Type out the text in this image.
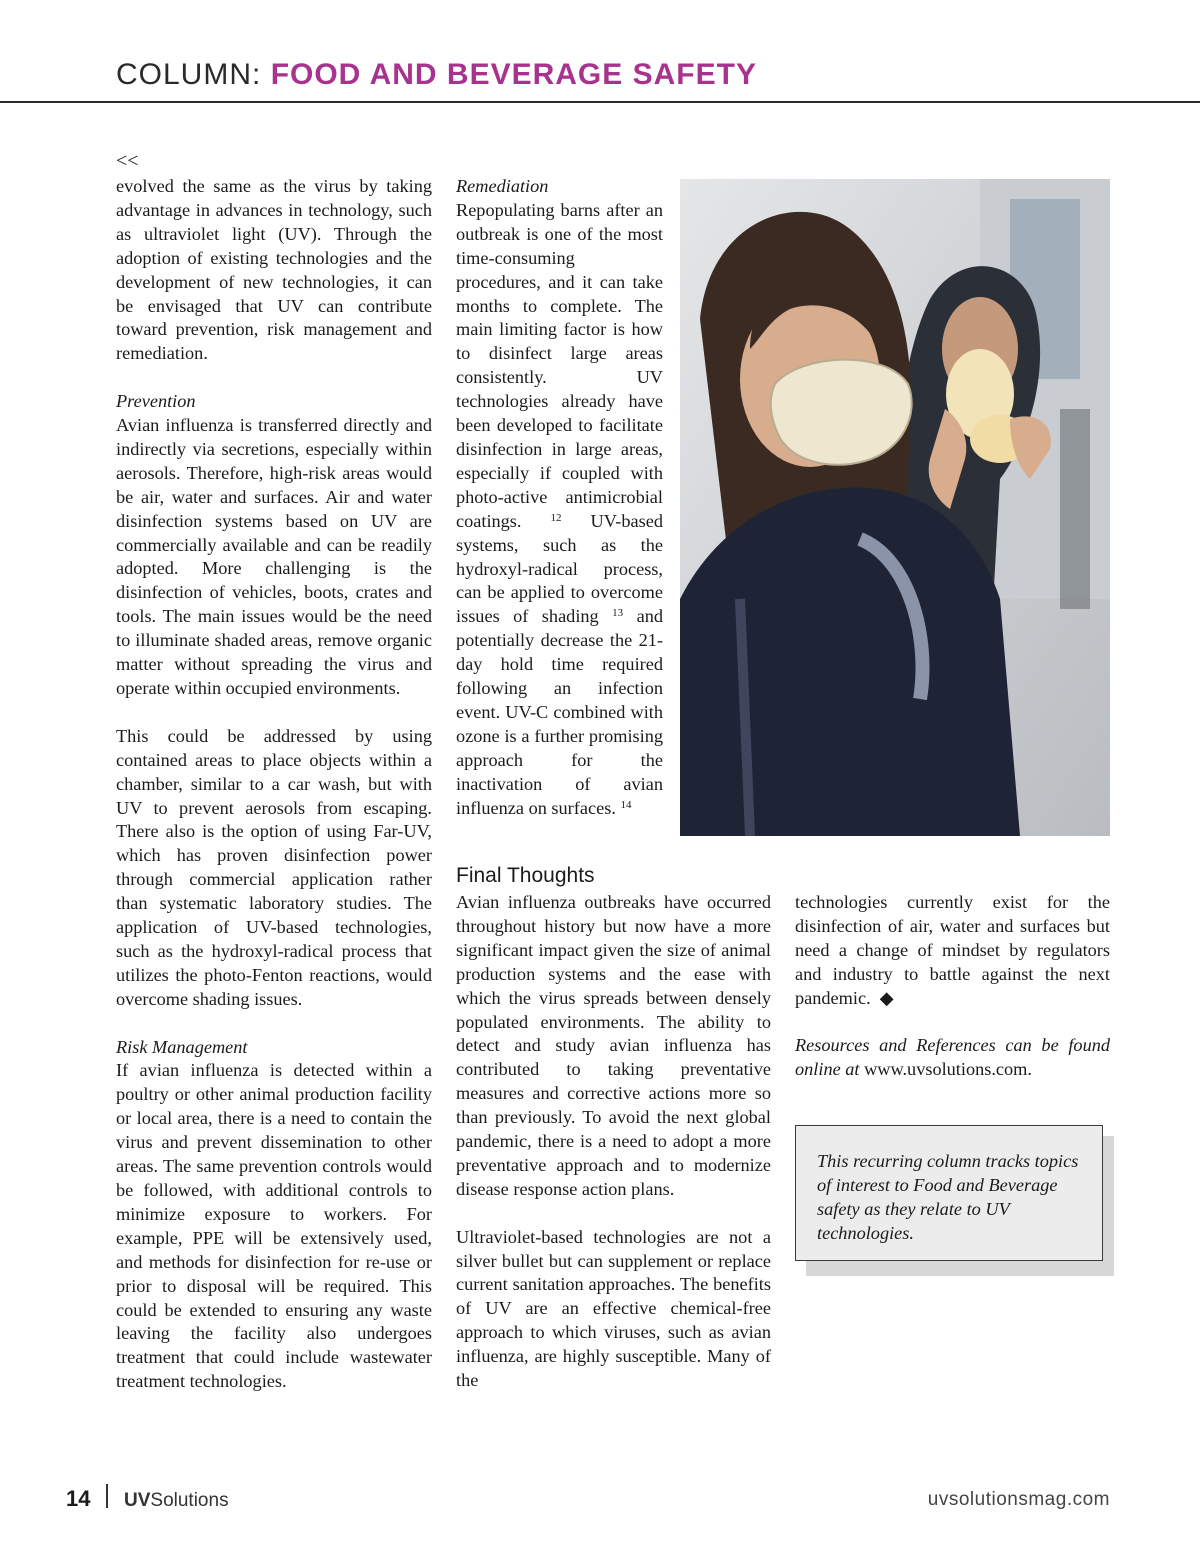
COLUMN: FOOD AND BEVERAGE SAFETY
<<

evolved the same as the virus by taking advantage in advances in technology, such as ultraviolet light (UV). Through the adoption of existing technologies and the development of new technologies, it can be envisaged that UV can contribute toward prevention, risk management and remediation.

Prevention

Avian influenza is transferred directly and indirectly via secretions, especially within aerosols. Therefore, high-risk areas would be air, water and surfaces. Air and water disinfection systems based on UV are commercially available and can be readily adopted. More challenging is the disinfection of vehicles, boots, crates and tools. The main issues would be the need to illuminate shaded areas, remove organic matter without spreading the virus and operate within occupied environments.

This could be addressed by using contained areas to place objects within a chamber, similar to a car wash, but with UV to prevent aerosols from escaping. There also is the option of using Far-UV, which has proven disinfection power through commercial application rather than systematic laboratory studies. The application of UV-based technologies, such as the hydroxyl-radical process that utilizes the photo-Fenton reactions, would overcome shading issues.

Risk Management

If avian influenza is detected within a poultry or other animal production facility or local area, there is a need to contain the virus and prevent dissemination to other areas. The same prevention controls would be followed, with additional controls to minimize exposure to workers. For example, PPE will be extensively used, and methods for disinfection for re-use or prior to disposal will be required. This could be extended to ensuring any waste leaving the facility also undergoes treatment that could include wastewater treatment technologies.

Remediation

Repopulating barns after an outbreak is one of the most time-consuming procedures, and it can take months to complete. The main limiting factor is how to disinfect large areas consistently. UV technologies already have been developed to facilitate disinfection in large areas, especially if coupled with photo-active antimicrobial coatings.	$^{12}$ UV-based systems, such as the hydroxyl-radical process, can be applied to overcome issues of shading $^{13}$ and potentially decrease the 21-day hold time required following an infection event. UV-C combined with ozone is a further promising approach for the inactivation of avian influenza on surfaces. $^{14}$

Final Thoughts

Avian influenza outbreaks have occurred throughout history but now have a more significant impact given the size of animal production systems and the ease with which the virus spreads between densely populated environments. The ability to detect and study avian influenza has contributed to taking preventative measures and corrective actions more so than previously. To avoid the next global pandemic, there is a need to adopt a more preventative approach and to modernize disease response action plans.

Ultraviolet-based technologies are not a silver bullet but can supplement or replace current sanitation approaches. The benefits of UV are an effective chemical-free approach to which viruses, such as avian influenza, are highly susceptible. Many of the

technologies currently exist for the disinfection of air, water and surfaces but need a change of mindset by regulators and industry to battle against the next pandemic. ◆

Resources and References can be found online at www.uvsolutions.com.

This recurring column tracks topics of interest to Food and Beverage safety as they relate to UV technologies.
14 UVSolutions	uvsolutionsmag.com
